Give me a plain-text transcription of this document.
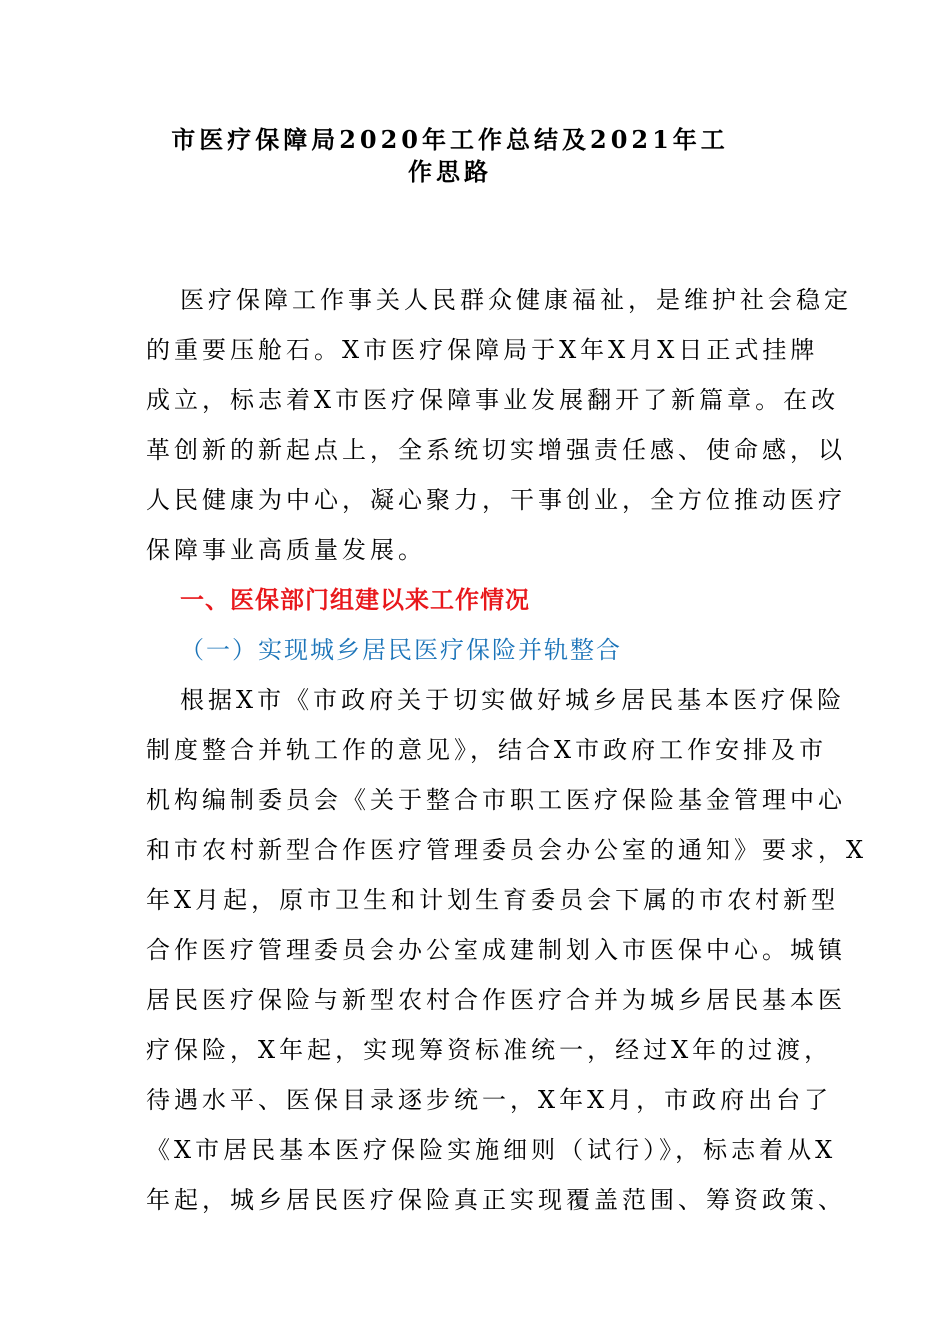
市医疗保障局2020年工作总结及2021年工
作思路
医疗保障工作事关人民群众健康福祉，是维护社会稳定
的重要压舱石。X市医疗保障局于X年X月X日正式挂牌
成立，标志着X市医疗保障事业发展翻开了新篇章。在改
革创新的新起点上，全系统切实增强责任感、使命感，以
人民健康为中心，凝心聚力，干事创业，全方位推动医疗
保障事业高质量发展。
一、医保部门组建以来工作情况
（一）实现城乡居民医疗保险并轨整合
根据X市《市政府关于切实做好城乡居民基本医疗保险
制度整合并轨工作的意见》，结合X市政府工作安排及市
机构编制委员会《关于整合市职工医疗保险基金管理中心
和市农村新型合作医疗管理委员会办公室的通知》要求，X
年X月起，原市卫生和计划生育委员会下属的市农村新型
合作医疗管理委员会办公室成建制划入市医保中心。城镇
居民医疗保险与新型农村合作医疗合并为城乡居民基本医
疗保险，X年起，实现筹资标准统一，经过X年的过渡，
待遇水平、医保目录逐步统一，X年X月，市政府出台了
《X市居民基本医疗保险实施细则（试行）》，标志着从X
年起，城乡居民医疗保险真正实现覆盖范围、筹资政策、
